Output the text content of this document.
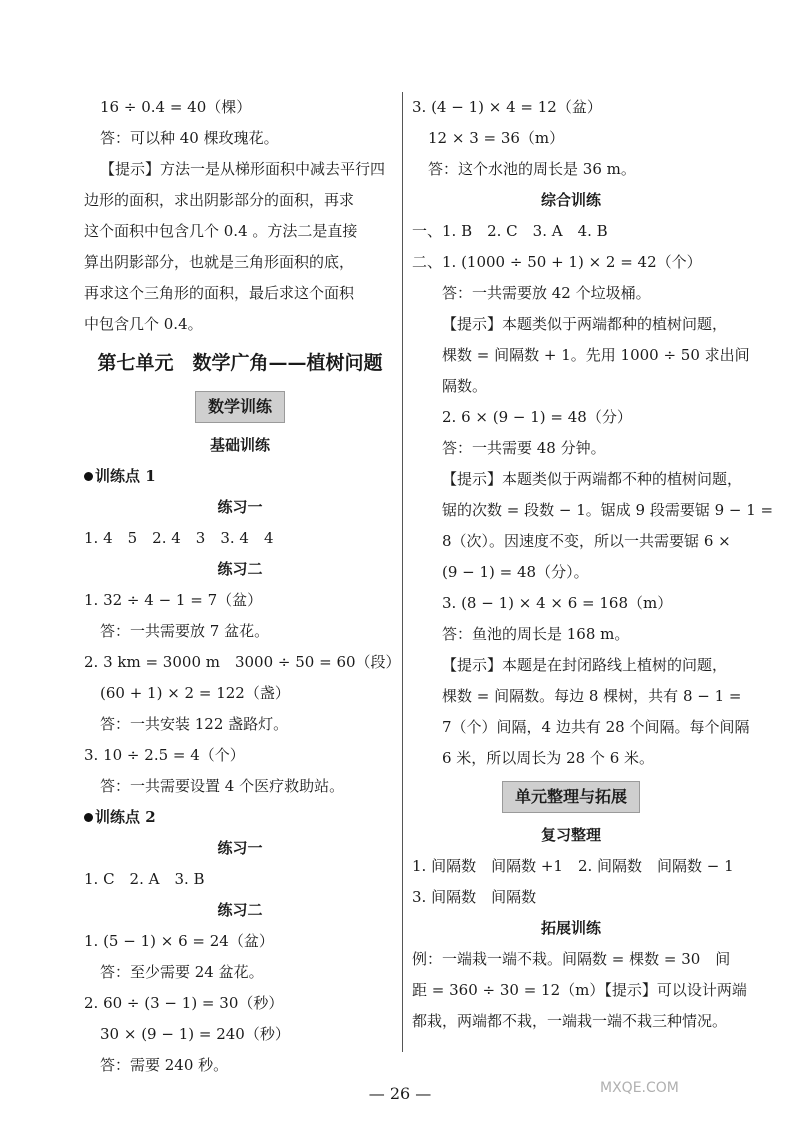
16 ÷ 0.4 = 40（棵）
答：可以种 40 棵玫瑰花。
【提示】方法一是从梯形面积中减去平行四
边形的面积，求出阴影部分的面积，再求
这个面积中包含几个 0.4 。方法二是直接
算出阴影部分，也就是三角形面积的底，
再求这个三角形的面积，最后求这个面积
中包含几个 0.4。
第七单元　数学广角——植树问题
数学训练
基础训练
训练点 1
练习一
1. 4　5　2. 4　3　3. 4　4
练习二
1. 32 ÷ 4 − 1 = 7（盆）
答：一共需要放 7 盆花。
2. 3 km = 3000 m　3000 ÷ 50 = 60（段）
(60 + 1) × 2 = 122（盏）
答：一共安装 122 盏路灯。
3. 10 ÷ 2.5 = 4（个）
答：一共需要设置 4 个医疗救助站。
训练点 2
练习一
1. C　2. A　3. B
练习二
1. (5 − 1) × 6 = 24（盆）
答：至少需要 24 盆花。
2. 60 ÷ (3 − 1) = 30（秒）
30 × (9 − 1) = 240（秒）
答：需要 240 秒。
3. (4 − 1) × 4 = 12（盆）
12 × 3 = 36（m）
答：这个水池的周长是 36 m。
综合训练
一、1. B　2. C　3. A　4. B
二、1. (1000 ÷ 50 + 1) × 2 = 42（个）
答：一共需要放 42 个垃圾桶。
【提示】本题类似于两端都种的植树问题，
棵数 = 间隔数 + 1。先用 1000 ÷ 50 求出间
隔数。
2. 6 × (9 − 1) = 48（分）
答：一共需要 48 分钟。
【提示】本题类似于两端都不种的植树问题，
锯的次数 = 段数 − 1。锯成 9 段需要锯 9 − 1 =
8（次）。因速度不变，所以一共需要锯 6 ×
(9 − 1) = 48（分）。
3. (8 − 1) × 4 × 6 = 168（m）
答：鱼池的周长是 168 m。
【提示】本题是在封闭路线上植树的问题，
棵数 = 间隔数。每边 8 棵树，共有 8 − 1 =
7（个）间隔，4 边共有 28 个间隔。每个间隔
6 米，所以周长为 28 个 6 米。
单元整理与拓展
复习整理
1. 间隔数　间隔数 +1　2. 间隔数　间隔数 − 1
3. 间隔数　间隔数
拓展训练
例：一端栽一端不栽。间隔数 = 棵数 = 30　间
距 = 360 ÷ 30 = 12（m）【提示】可以设计两端
都栽，两端都不栽，一端栽一端不栽三种情况。
— 26 —	MXQE.COM
